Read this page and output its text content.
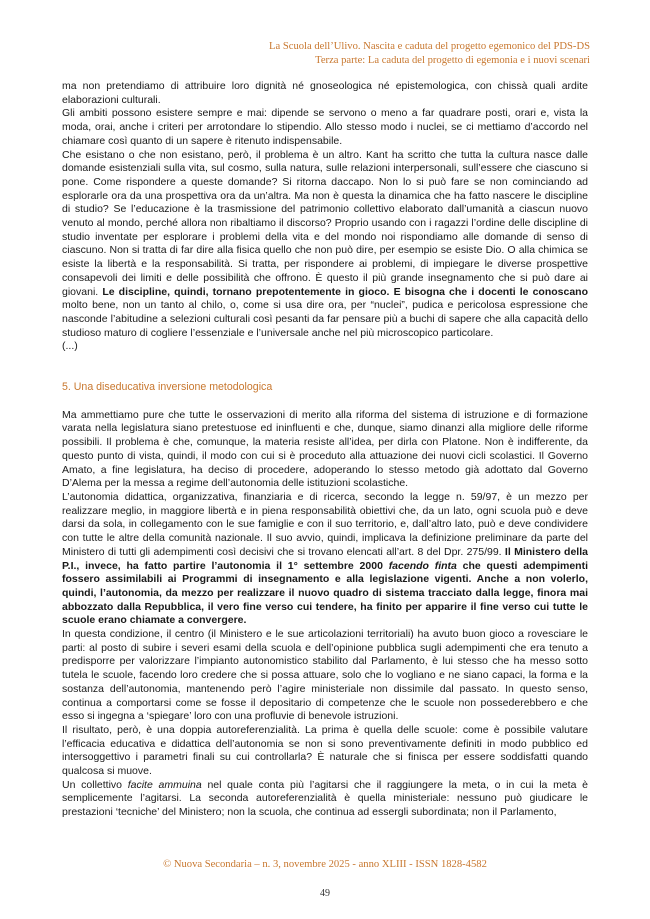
La Scuola dell’Ulivo. Nascita e caduta del progetto egemonico del PDS-DS
Terza parte: La caduta del progetto di egemonia e i nuovi scenari

ma non pretendiamo di attribuire loro dignità né gnoseologica né epistemologica, con chissà quali ardite elaborazioni culturali.

Gli ambiti possono esistere sempre e mai: dipende se servono o meno a far quadrare posti, orari e, vista la moda, orai, anche i criteri per arrotondare lo stipendio. Allo stesso modo i nuclei, se ci mettiamo d’accordo nel chiamare così quanto di un sapere è ritenuto indispensabile.

Che esistano o che non esistano, però, il problema è un altro. Kant ha scritto che tutta la cultura nasce dalle domande esistenziali sulla vita, sul cosmo, sulla natura, sulle relazioni interpersonali, sull’essere che ciascuno si pone. Come rispondere a queste domande? Si ritorna daccapo. Non lo si può fare se non cominciando ad esplorarle ora da una prospettiva ora da un’altra. Ma non è questa la dinamica che ha fatto nascere le discipline di studio? Se l’educazione è la trasmissione del patrimonio collettivo elaborato dall’umanità a ciascun nuovo venuto al mondo, perché allora non ribaltiamo il discorso? Proprio usando con i ragazzi l’ordine delle discipline di studio inventate per esplorare i problemi della vita e del mondo noi rispondiamo alle domande di senso di ciascuno. Non si tratta di far dire alla fisica quello che non può dire, per esempio se esiste Dio. O alla chimica se esiste la libertà e la responsabilità. Si tratta, per rispondere ai problemi, di impiegare le diverse prospettive consapevoli dei limiti e delle possibilità che offrono. È questo il più grande insegnamento che si può dare ai giovani. Le discipline, quindi, tornano prepotentemente in gioco. E bisogna che i docenti le conoscano molto bene, non un tanto al chilo, o, come si usa dire ora, per “nuclei”, pudica e pericolosa espressione che nasconde l’abitudine a selezioni culturali così pesanti da far pensare più a buchi di sapere che alla capacità dello studioso maturo di cogliere l’essenziale e l’universale anche nel più microscopico particolare.

(...)

5. Una diseducativa inversione metodologica

Ma ammettiamo pure che tutte le osservazioni di merito alla riforma del sistema di istruzione e di formazione varata nella legislatura siano pretestuose ed ininfluenti e che, dunque, siamo dinanzi alla migliore delle riforme possibili. Il problema è che, comunque, la materia resiste all’idea, per dirla con Platone. Non è indifferente, da questo punto di vista, quindi, il modo con cui si è proceduto alla attuazione dei nuovi cicli scolastici. Il Governo Amato, a fine legislatura, ha deciso di procedere, adoperando lo stesso metodo già adottato dal Governo D’Alema per la messa a regime dell’autonomia delle istituzioni scolastiche.

L’autonomia didattica, organizzativa, finanziaria e di ricerca, secondo la legge n. 59/97, è un mezzo per realizzare meglio, in maggiore libertà e in piena responsabilità obiettivi che, da un lato, ogni scuola può e deve darsi da sola, in collegamento con le sue famiglie e con il suo territorio, e, dall’altro lato, può e deve condividere con tutte le altre della comunità nazionale. Il suo avvio, quindi, implicava la definizione preliminare da parte del Ministero di tutti gli adempimenti così decisivi che si trovano elencati all’art. 8 del Dpr. 275/99. Il Ministero della P.I., invece, ha fatto partire l’autonomia il 1° settembre 2000 facendo finta che questi adempimenti fossero assimilabili ai Programmi di insegnamento e alla legislazione vigenti. Anche a non volerlo, quindi, l’autonomia, da mezzo per realizzare il nuovo quadro di sistema tracciato dalla legge, finora mai abbozzato dalla Repubblica, il vero fine verso cui tendere, ha finito per apparire il fine verso cui tutte le scuole erano chiamate a convergere.

In questa condizione, il centro (il Ministero e le sue articolazioni territoriali) ha avuto buon gioco a rovesciare le parti: al posto di subire i severi esami della scuola e dell’opinione pubblica sugli adempimenti che era tenuto a predisporre per valorizzare l’impianto autonomistico stabilito dal Parlamento, è lui stesso che ha messo sotto tutela le scuole, facendo loro credere che si possa attuare, solo che lo vogliano e ne siano capaci, la forma e la sostanza dell’autonomia, mantenendo però l’agire ministeriale non dissimile dal passato. In questo senso, continua a comportarsi come se fosse il depositario di competenze che le scuole non possederebbero e che esso si ingegna a ‘spiegare’ loro con una profluvie di benevole istruzioni.

Il risultato, però, è una doppia autoreferenzialità. La prima è quella delle scuole: come è possibile valutare l’efficacia educativa e didattica dell’autonomia se non si sono preventivamente definiti in modo pubblico ed intersoggettivo i parametri finali su cui controllarla? È naturale che si finisca per essere soddisfatti quando qualcosa si muove.

Un collettivo facite ammuina nel quale conta più l’agitarsi che il raggiungere la meta, o in cui la meta è semplicemente l’agitarsi. La seconda autoreferenzialità è quella ministeriale: nessuno può giudicare le prestazioni ‘tecniche’ del Ministero; non la scuola, che continua ad essergli subordinata; non il Parlamento,

© Nuova Secondaria – n. 3, novembre 2025 - anno XLIII - ISSN 1828-4582
49
